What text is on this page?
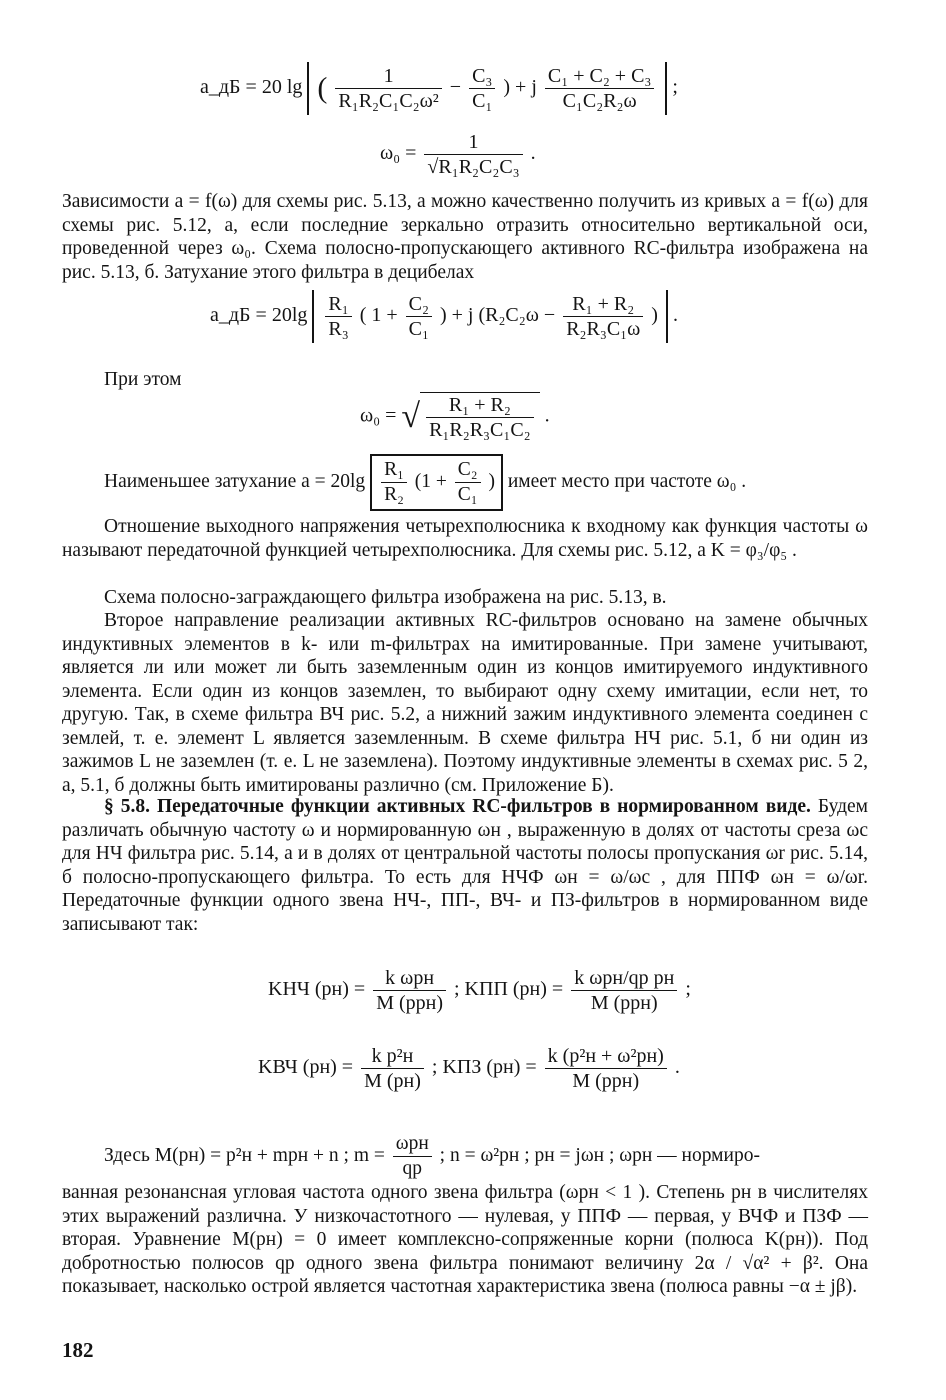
a_дБ = 20 lg ( $\frac{1}{\text{R₁R₂C₁C₂ω²}} - \frac{\text{C₃}}{\text{C₁}}$ ) + j $\frac{\text{C₁ + C₂ + C₃}}{\text{C₁C₂R₂ω}}$ ;
$\omega_0 = \frac{1}{\text{√R₁R₂C₂C₃}}$ .

Зависимости a = f(ω) для схемы рис. 5.13, a можно качественно получить из кривых a = f(ω) для схемы рис. 5.12, a, если последние зеркально отразить относительно вертикальной оси, проведенной через ω₀. Схема полосно-пропускающего активного RC-фильтра изображена на рис. 5.13, б. Затухание этого фильтра в децибелах

a_дБ = $20\lg \frac{\text{R₁}}{\text{R₃}}$ ( $1 + \frac{\text{C₂}}{\text{C₁}}$ ) + j ($R_2C_2\omega - \frac{\text{R₁ + R₂}}{\text{R₂R₃C₁ω}}$ ) .

При этом

ω₀ = √ $\frac{\text{R₁ + R₂}}{\text{R₁R₂R₃C₁C₂}}$ .
Наименьшее затухание $a = 20\lg \frac{\text{R₁}}{\text{R₂}} (1 + \frac{\text{C₂}}{\text{C₁}}$ ) имеет место при частоте ω₀ .

Отношение выходного напряжения четырехполюсника к входному как функция частоты ω называют передаточной функцией четырехполюсника. Для схемы рис. 5.12, a K = φ₃/φ₅ .

Схема полосно-заграждающего фильтра изображена на рис. 5.13, в.

Второе направление реализации активных RC-фильтров основано на замене обычных индуктивных элементов в k- или m-фильтрах на имитированные. При замене учитывают, является ли или может ли быть заземленным один из концов имитируемого индуктивного элемента. Если один из концов заземлен, то выбирают одну схему имитации, если нет, то другую. Так, в схеме фильтра ВЧ рис. 5.2, a нижний зажим индуктивного элемента соединен с землей, т. е. элемент L является заземленным. В схеме фильтра НЧ рис. 5.1, б ни один из зажимов L не заземлен (т. е. L не заземлена). Поэтому индуктивные элементы в схемах рис. 5 2, a, 5.1, б должны быть имитированы различно (см. Приложение Б).

§ 5.8. Передаточные функции активных RC-фильтров в нормированном виде. Будем различать обычную частоту ω и нормированную ωн , выраженную в долях от частоты среза ωс для НЧ фильтра рис. 5.14, a и в долях от центральной частоты полосы пропускания ωr рис. 5.14, б полосно-пропускающего фильтра. То есть для НЧФ ωн = ω/ωс , для ППФ ωн = ω/ωr. Передаточные функции одного звена НЧ-, ПП-, ВЧ- и ПЗ-фильтров в нормированном виде записывают так:

KНЧ (pн) =
k ωрн
M (pрн)
; KПП (pн) =
k ωрн/qр pн
M (pрн)
;
KВЧ (pн) =
k p²н
M (pн)
; KПЗ (pн) =
k (p²н + ω²рн)
M (pрн)
.
Здесь M(pн) = p²н + mpн + n ; m =
ωрн
qр
; n = ω²рн ; pн = jωн ; ωрн — нормиро-

ванная резонансная угловая частота одного звена фильтра (ωрн < 1 ). Степень pн в числителях этих выражений различна. У низкочастотного — нулевая, у ППФ — первая, у ВЧФ и ПЗФ — вторая. Уравнение M(pн) = 0 имеет комплексно-сопряженные корни (полюса K(pн)). Под добротностью полюсов qр одного звена фильтра понимают величину 2α / √α² + β². Она показывает, насколько острой является частотная характеристика звена (полюса равны −α ± jβ).

182
